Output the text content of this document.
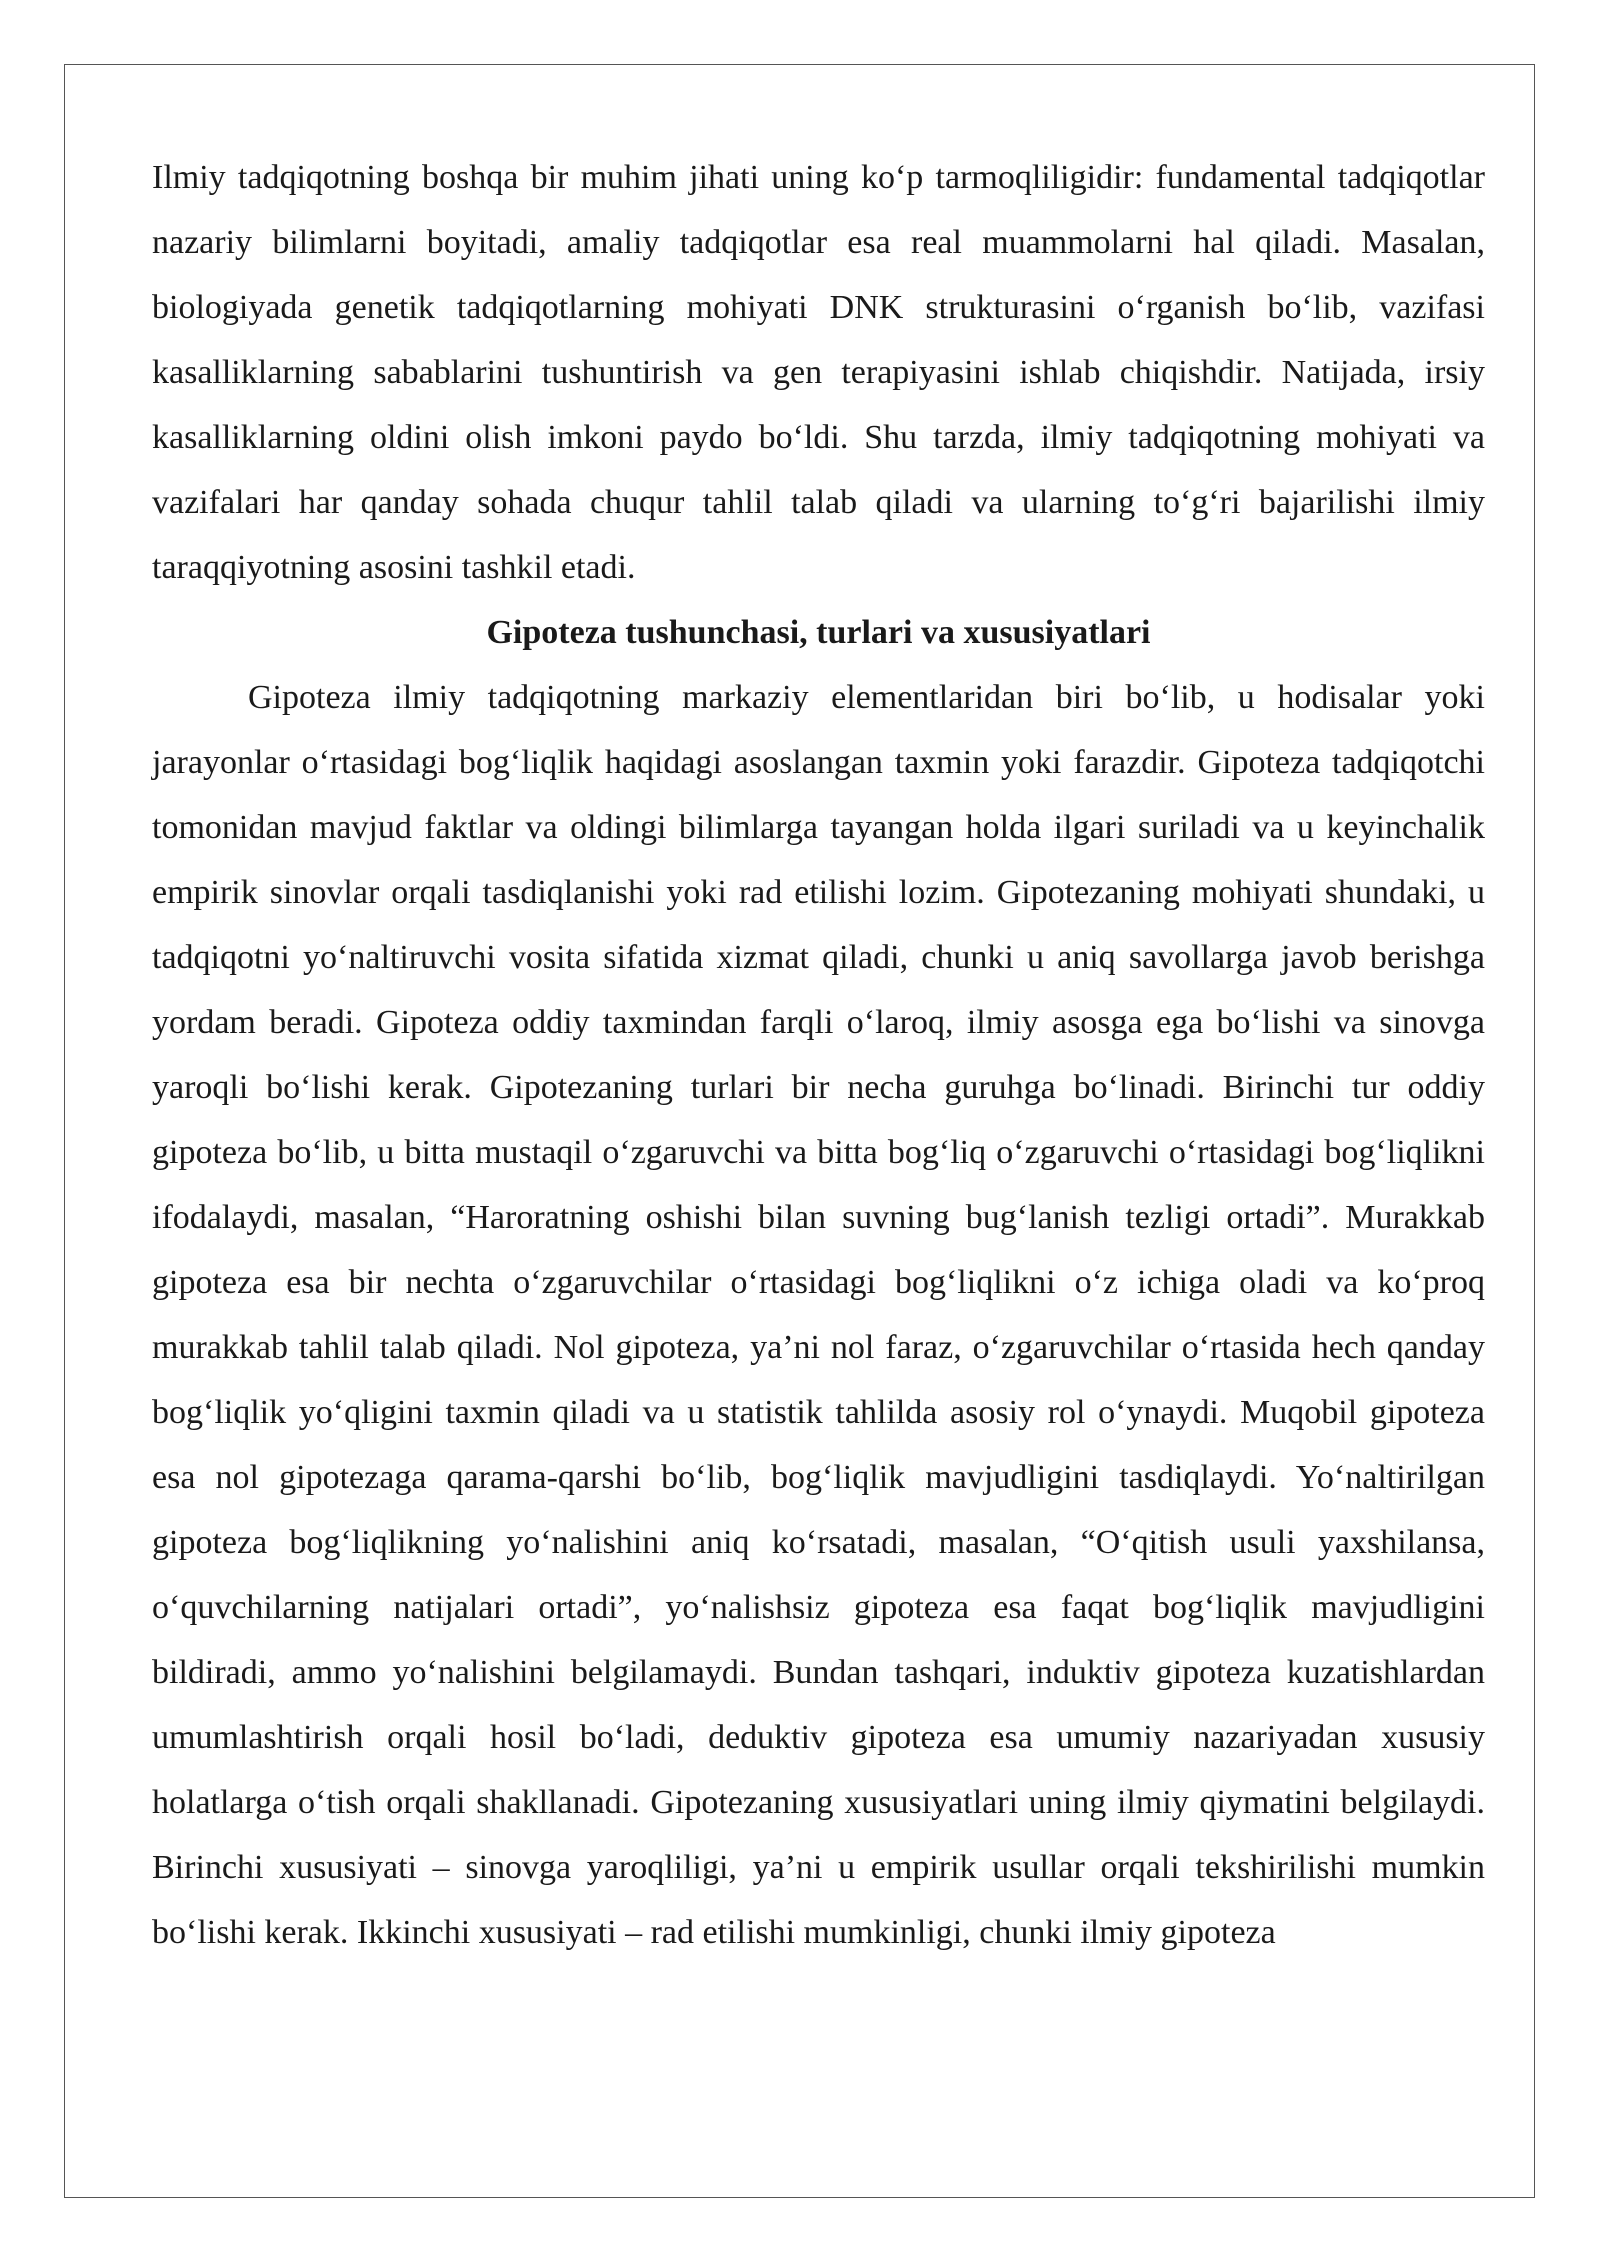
Ilmiy tadqiqotning boshqa bir muhim jihati uning ko‘p tarmoqliligidir: fundamental tadqiqotlar nazariy bilimlarni boyitadi, amaliy tadqiqotlar esa real muammolarni hal qiladi. Masalan, biologiyada genetik tadqiqotlarning mohiyati DNK strukturasini o‘rganish bo‘lib, vazifasi kasalliklarning sabablarini tushuntirish va gen terapiyasini ishlab chiqishdir. Natijada, irsiy kasalliklarning oldini olish imkoni paydo bo‘ldi. Shu tarzda, ilmiy tadqiqotning mohiyati va vazifalari har qanday sohada chuqur tahlil talab qiladi va ularning to‘g‘ri bajarilishi ilmiy taraqqiyotning asosini tashkil etadi.

Gipoteza tushunchasi, turlari va xususiyatlari

Gipoteza ilmiy tadqiqotning markaziy elementlaridan biri bo‘lib, u hodisalar yoki jarayonlar o‘rtasidagi bog‘liqlik haqidagi asoslangan taxmin yoki farazdir. Gipoteza tadqiqotchi tomonidan mavjud faktlar va oldingi bilimlarga tayangan holda ilgari suriladi va u keyinchalik empirik sinovlar orqali tasdiqlanishi yoki rad etilishi lozim. Gipotezaning mohiyati shundaki, u tadqiqotni yo‘naltiruvchi vosita sifatida xizmat qiladi, chunki u aniq savollarga javob berishga yordam beradi. Gipoteza oddiy taxmindan farqli o‘laroq, ilmiy asosga ega bo‘lishi va sinovga yaroqli bo‘lishi kerak. Gipotezaning turlari bir necha guruhga bo‘linadi. Birinchi tur oddiy gipoteza bo‘lib, u bitta mustaqil o‘zgaruvchi va bitta bog‘liq o‘zgaruvchi o‘rtasidagi bog‘liqlikni ifodalaydi, masalan, “Haroratning oshishi bilan suvning bug‘lanish tezligi ortadi”. Murakkab gipoteza esa bir nechta o‘zgaruvchilar o‘rtasidagi bog‘liqlikni o‘z ichiga oladi va ko‘proq murakkab tahlil talab qiladi. Nol gipoteza, ya’ni nol faraz, o‘zgaruvchilar o‘rtasida hech qanday bog‘liqlik yo‘qligini taxmin qiladi va u statistik tahlilda asosiy rol o‘ynaydi. Muqobil gipoteza esa nol gipotezaga qarama-qarshi bo‘lib, bog‘liqlik mavjudligini tasdiqlaydi. Yo‘naltirilgan gipoteza bog‘liqlikning yo‘nalishini aniq ko‘rsatadi, masalan, “O‘qitish usuli yaxshilansa, o‘quvchilarning natijalari ortadi”, yo‘nalishsiz gipoteza esa faqat bog‘liqlik mavjudligini bildiradi, ammo yo‘nalishini belgilamaydi. Bundan tashqari, induktiv gipoteza kuzatishlardan umumlashtirish orqali hosil bo‘ladi, deduktiv gipoteza esa umumiy nazariyadan xususiy holatlarga o‘tish orqali shakllanadi. Gipotezaning xususiyatlari uning ilmiy qiymatini belgilaydi. Birinchi xususiyati – sinovga yaroqliligi, ya’ni u empirik usullar orqali tekshirilishi mumkin bo‘lishi kerak. Ikkinchi xususiyati – rad etilishi mumkinligi, chunki ilmiy gipoteza
